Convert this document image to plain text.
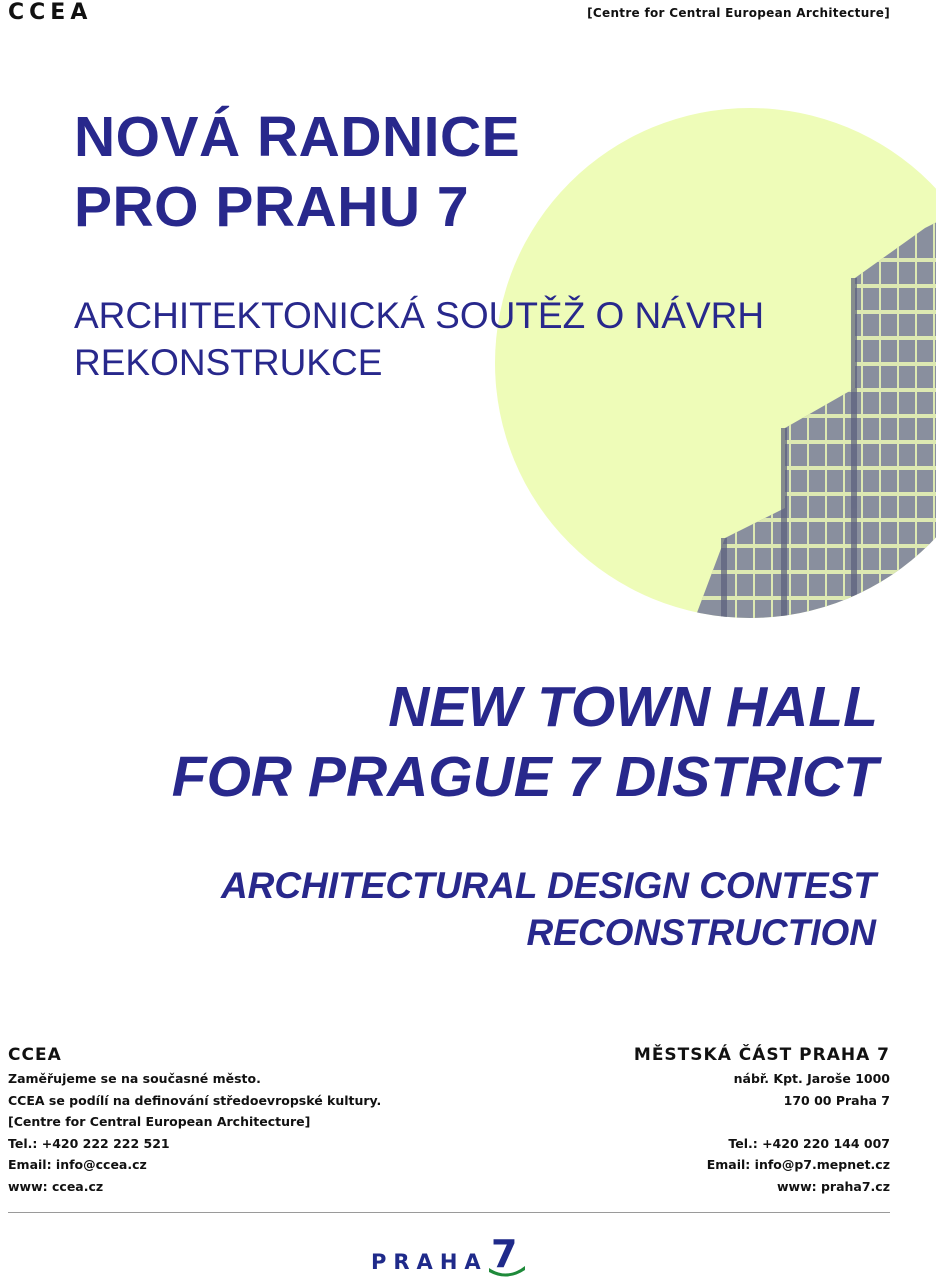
CCEA	[Centre for Central European Architecture]
NOVÁ RADNICE
PRO PRAHU 7
ARCHITEKTONICKÁ SOUTĚŽ O NÁVRH
REKONSTRUKCE
NEW TOWN HALL
FOR PRAGUE 7 DISTRICT
ARCHITECTURAL DESIGN CONTEST
RECONSTRUCTION
CCEA
Zaměřujeme se na současné město.
CCEA se podílí na definování středoevropské kultury.
[Centre for Central European Architecture]
Tel.: +420 222 222 521
Email: info@ccea.cz
www: ccea.cz
MĚSTSKÁ ČÁST PRAHA 7
nábř. Kpt. Jaroše 1000
170 00 Praha 7
Tel.: +420 220 144 007
Email: info@p7.mepnet.cz
www: praha7.cz
PRAHA 7
